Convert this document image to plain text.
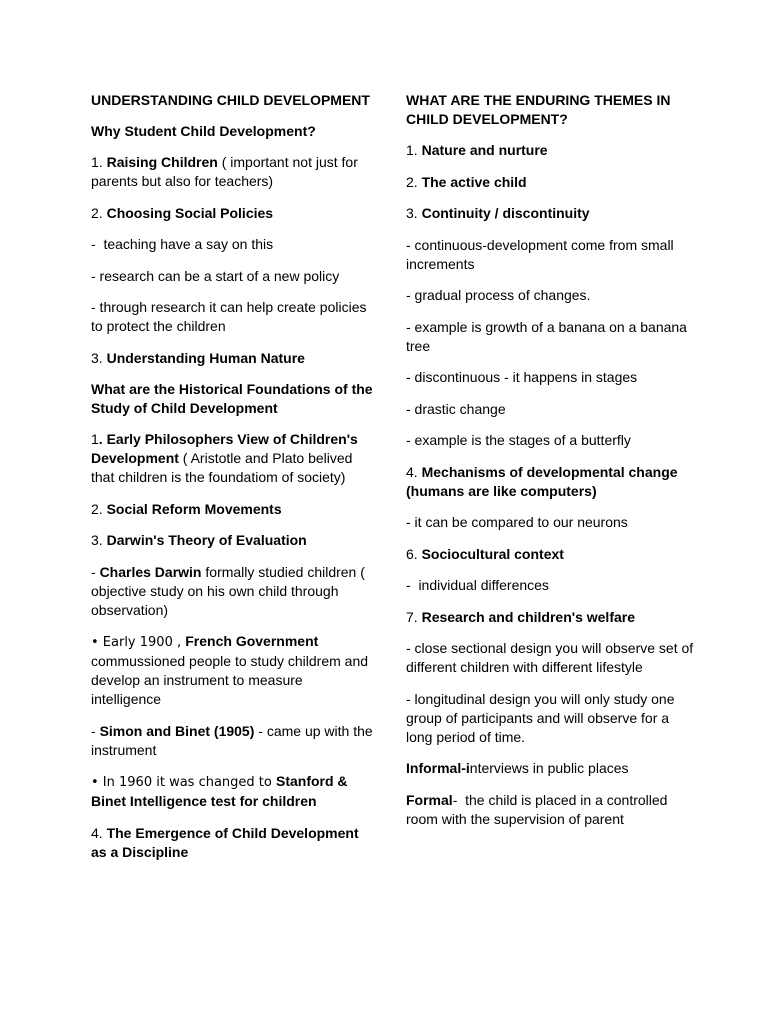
UNDERSTANDING CHILD DEVELOPMENT

Why Student Child Development?

1. Raising Children ( important not just for parents but also for teachers)

2. Choosing Social Policies

-  teaching have a say on this

- research can be a start of a new policy

- through research it can help create policies to protect the children

3. Understanding Human Nature

What are the Historical Foundations of the Study of Child Development

1. Early Philosophers View of Children's Development ( Aristotle and Plato belived that children is the foundatiom of society)

2. Social Reform Movements

3. Darwin's Theory of Evaluation

- Charles Darwin formally studied children ( objective study on his own child through observation)

• Early 1900 , French Government commussioned people to study childrem and develop an instrument to measure intelligence

- Simon and Binet (1905) - came up with the instrument

• In 1960 it was changed to Stanford & Binet Intelligence test for children

4. The Emergence of Child Development as a Discipline

WHAT ARE THE ENDURING THEMES IN CHILD DEVELOPMENT?

1. Nature and nurture

2. The active child

3. Continuity / discontinuity

- continuous-development come from small increments

- gradual process of changes.

- example is growth of a banana on a banana tree

- discontinuous - it happens in stages

- drastic change

- example is the stages of a butterfly

4. Mechanisms of developmental change (humans are like computers)

- it can be compared to our neurons

6. Sociocultural context

-  individual differences

7. Research and children's welfare

- close sectional design you will observe set of different children with different lifestyle

- longitudinal design you will only study one group of participants and will observe for a long period of time.

Informal-interviews in public places

Formal-  the child is placed in a controlled room with the supervision of parent
